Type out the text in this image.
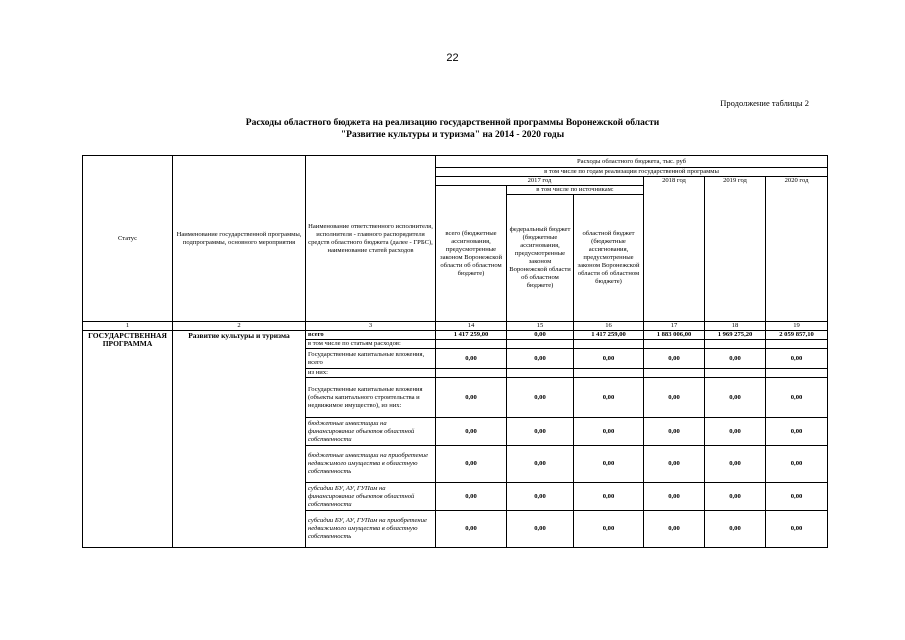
22
Продолжение таблицы 2
Расходы областного бюджета на реализацию государственной программы Воронежской области
"Развитие культуры и туризма" на 2014 - 2020 годы
Статус	Наименование государственной программы, подпрограммы, основного мероприятия	Наименование ответственного исполнителя, исполнителя - главного распорядителя средств областного бюджета (далее - ГРБС), наименование статей расходов	Расходы областного бюджета, тыс. руб					
			в том числе по годам реализации государственной программы					
			2017 год			2018 год	2019 год	2020 год
			всего (бюджетные ассигнования, предусмотренные законом Воронежской области об областном бюджете)	в том числе по источникам:				
				федеральный бюджет (бюджетные ассигнования, предусмотренные законом Воронежской области об областном бюджете)	областной бюджет (бюджетные ассигнования, предусмотренные законом Воронежской области об областном бюджете)			
1	2	3	14	15	16	17	18	19
ГОСУДАРСТВЕННАЯ ПРОГРАММА	Развитие культуры и туризма	всего	1 417 259,00	0,00	1 417 259,00	1 883 006,00	1 969 275,20	2 059 857,10
		в том числе по статьям расходов:						
		Государственные капитальные вложения, всего	0,00	0,00	0,00	0,00	0,00	0,00
		из них:						
		Государственные капитальные вложения (объекты капитального строительства и недвижимое имущество), из них:	0,00	0,00	0,00	0,00	0,00	0,00
		бюджетные инвестиции на финансирование объектов областной собственности	0,00	0,00	0,00	0,00	0,00	0,00
		бюджетные инвестиции на приобретение недвижимого имущества в областную собственность	0,00	0,00	0,00	0,00	0,00	0,00
		субсидии БУ, АУ, ГУПам на финансирование объектов областной собственности	0,00	0,00	0,00	0,00	0,00	0,00
		субсидии БУ, АУ, ГУПам на приобретение недвижимого имущества в областную собственность	0,00	0,00	0,00	0,00	0,00	0,00
